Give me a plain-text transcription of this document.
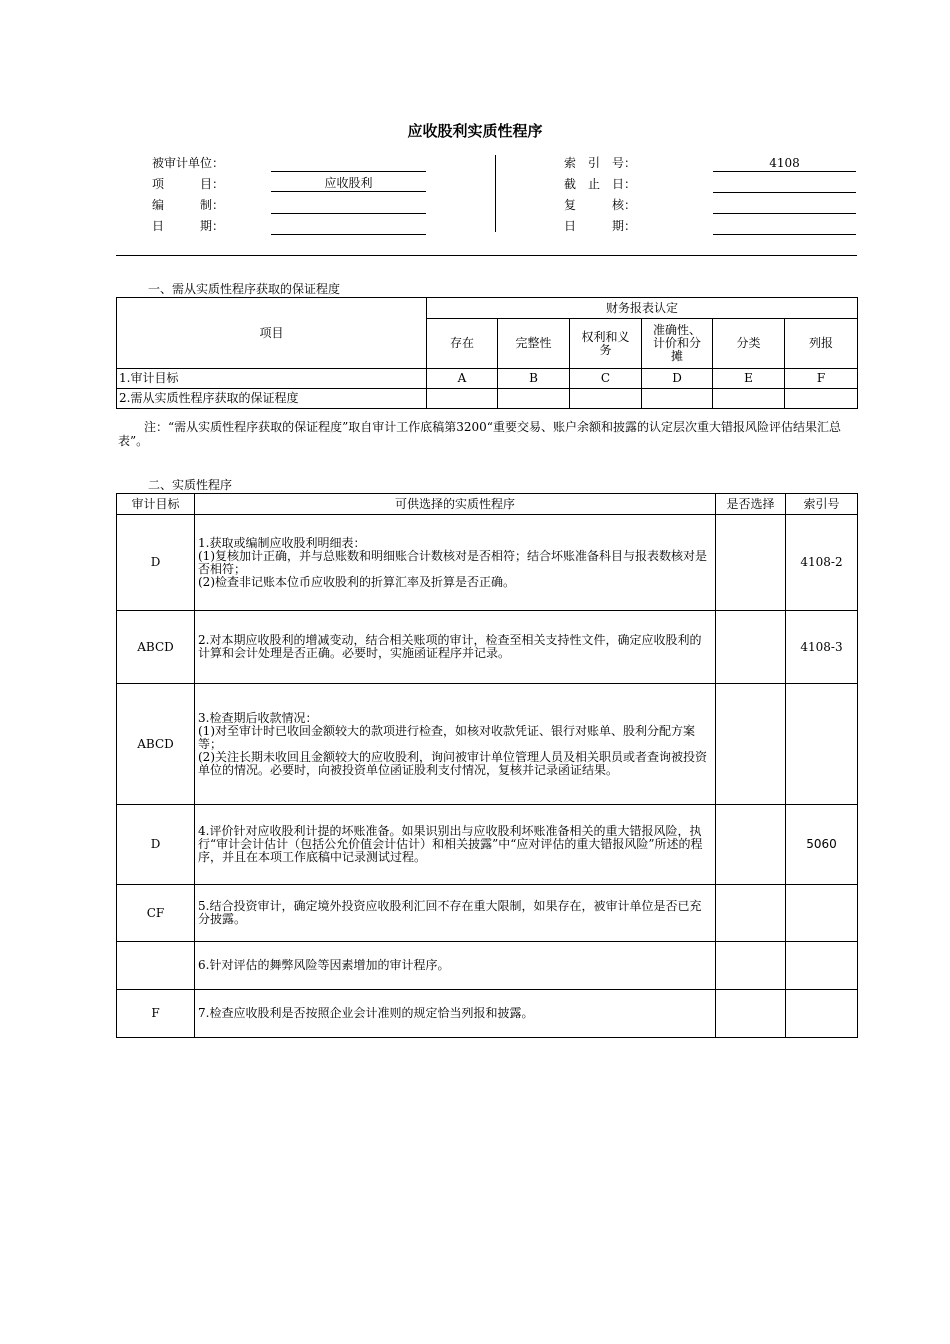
应收股利实质性程序
被审计单位：
项　　　目：	应收股利
编　　　制：
日　　　期：
索　引　号：	4108
截　止　日：
复　　　核：
日　　　期：
一、需从实质性程序获取的保证程度
项目	财务报表认定					
	存在	完整性	权利和义务	准确性、计价和分摊	分类	列报
1.审计目标	A	B	C	D	E	F
2.需从实质性程序获取的保证程度						
注：“需从实质性程序获取的保证程度”取自审计工作底稿第3200“重要交易、账户余额和披露的认定层次重大错报风险评估结果汇总表”。
二、实质性程序
审计目标	可供选择的实质性程序	是否选择	索引号
D	1.获取或编制应收股利明细表：
(1)复核加计正确，并与总账数和明细账合计数核对是否相符；结合坏账准备科目与报表数核对是否相符；
(2)检查非记账本位币应收股利的折算汇率及折算是否正确。		4108-2
ABCD	2.对本期应收股利的增减变动，结合相关账项的审计，检查至相关支持性文件，确定应收股利的计算和会计处理是否正确。必要时，实施函证程序并记录。		4108-3
ABCD	3.检查期后收款情况：
(1)对至审计时已收回金额较大的款项进行检查，如核对收款凭证、银行对账单、股利分配方案等；
(2)关注长期未收回且金额较大的应收股利，询问被审计单位管理人员及相关职员或者查询被投资单位的情况。必要时，向被投资单位函证股利支付情况，复核并记录函证结果。		

D	4.评价针对应收股利计提的坏账准备。如果识别出与应收股利坏账准备相关的重大错报风险，执行“审计会计估计（包括公允价值会计估计）和相关披露”中“应对评估的重大错报风险”所述的程序，并且在本项工作底稿中记录测试过程。		5060
CF	5.结合投资审计，确定境外投资应收股利汇回不存在重大限制，如果存在，被审计单位是否已充分披露。		

	6.针对评估的舞弊风险等因素增加的审计程序。		

F	7.检查应收股利是否按照企业会计准则的规定恰当列报和披露。		
